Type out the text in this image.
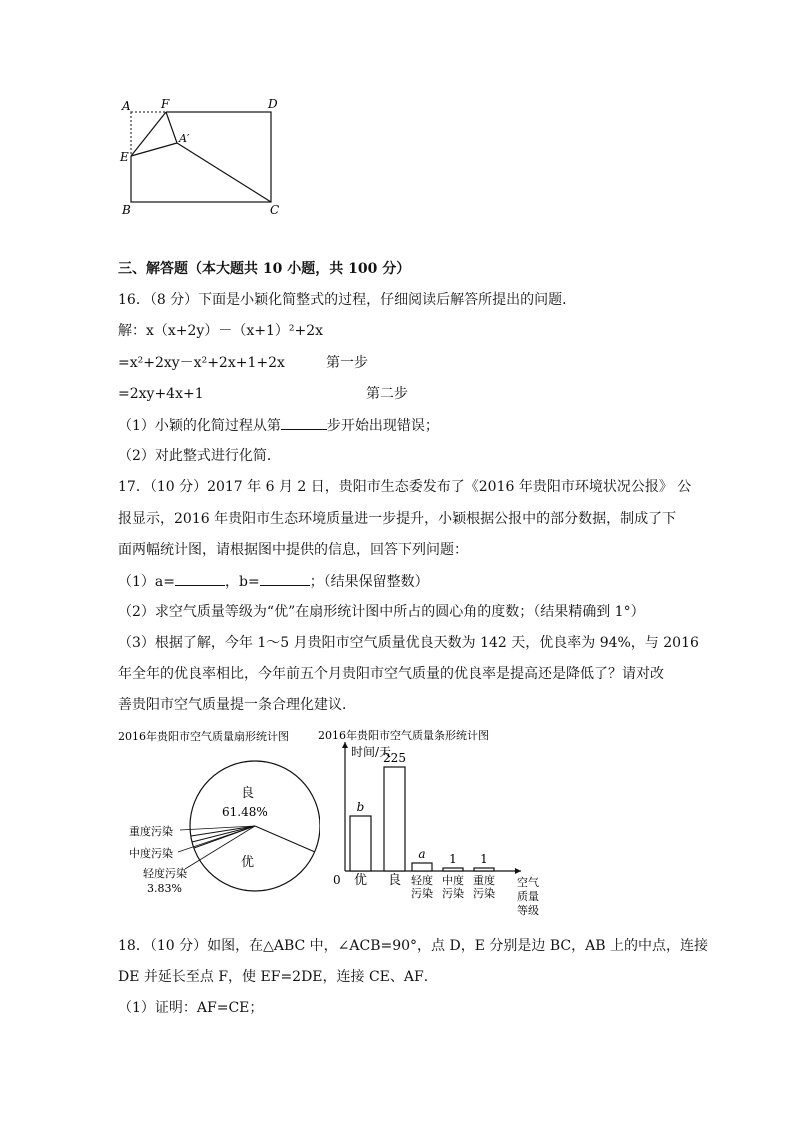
A	F	D
A′
E
B	C
三、解答题（本大题共 10 小题，共 100 分）
16．（8 分）下面是小颖化简整式的过程，仔细阅读后解答所提出的问题．
解：x（x+2y）－（x+1）²+2x
=x²+2xy－x²+2x+1+2x	第一步
=2xy+4x+1	第二步
（1）小颖的化简过程从第	步开始出现错误；
（2）对此整式进行化简．
17．（10 分）2017 年 6 月 2 日，贵阳市生态委发布了《2016 年贵阳市环境状况公报》 公
报显示，2016 年贵阳市生态环境质量进一步提升，小颖根据公报中的部分数据，制成了下
面两幅统计图，请根据图中提供的信息，回答下列问题：
（1）a=	，b=	；（结果保留整数）
（2）求空气质量等级为“优”在扇形统计图中所占的圆心角的度数；（结果精确到 1°）
（3）根据了解，今年 1～5 月贵阳市空气质量优良天数为 142 天，优良率为 94%，与 2016
年全年的优良率相比，今年前五个月贵阳市空气质量的优良率是提高还是降低了？请对改
善贵阳市空气质量提一条合理化建议．
2016年贵阳市空气质量扇形统计图
良
61.48%
优
重度污染
中度污染
轻度污染
3.83%
2016年贵阳市空气质量条形统计图
时间/天
0	空气
质量
等级
b
优
225
良
a
轻度
污染
1
中度
污染
1
重度
污染
18．（10 分）如图，在△ABC 中，∠ACB=90°，点 D，E 分别是边 BC，AB 上的中点，连接
DE 并延长至点 F，使 EF=2DE，连接 CE、AF．
（1）证明：AF=CE；
